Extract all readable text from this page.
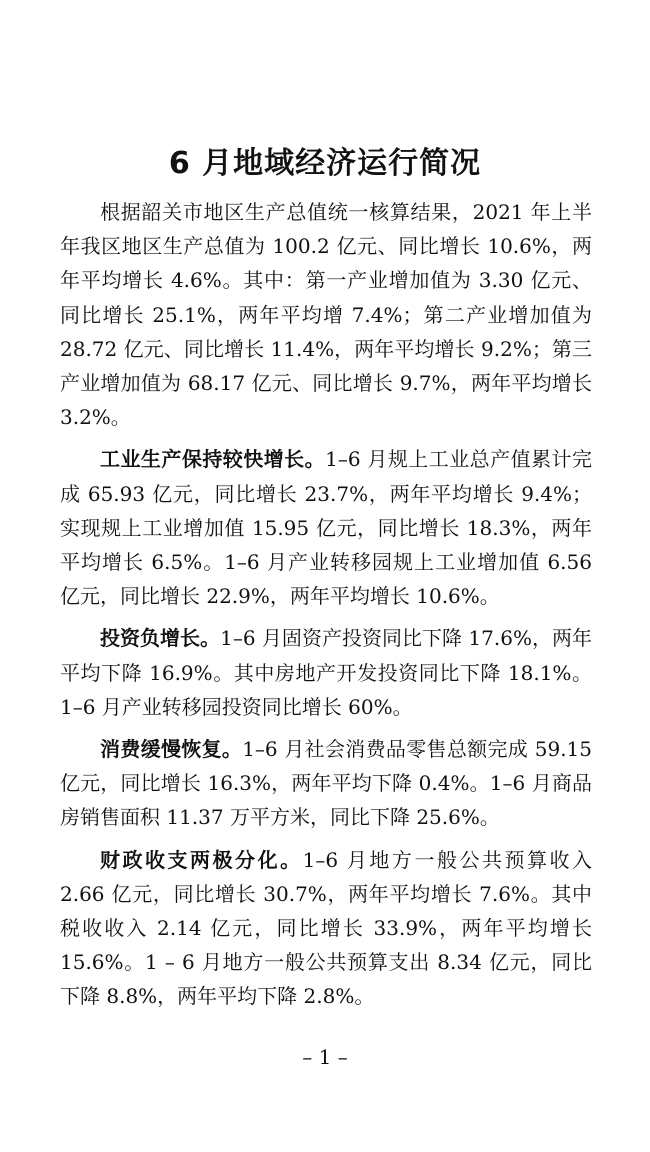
6 月地域经济运行简况

根据韶关市地区生产总值统一核算结果，2021 年上半年我区地区生产总值为 100.2 亿元、同比增长 10.6%，两年平均增长 4.6%。其中：第一产业增加值为 3.30 亿元、同比增长 25.1%，两年平均增 7.4%；第二产业增加值为 28.72 亿元、同比增长 11.4%，两年平均增长 9.2%；第三产业增加值为 68.17 亿元、同比增长 9.7%，两年平均增长 3.2%。

工业生产保持较快增长。1–6 月规上工业总产值累计完成 65.93 亿元，同比增长 23.7%，两年平均增长 9.4%；实现规上工业增加值 15.95 亿元，同比增长 18.3%，两年平均增长 6.5%。1–6 月产业转移园规上工业增加值 6.56 亿元，同比增长 22.9%，两年平均增长 10.6%。

投资负增长。1–6 月固资产投资同比下降 17.6%，两年平均下降 16.9%。其中房地产开发投资同比下降 18.1%。1–6 月产业转移园投资同比增长 60%。

消费缓慢恢复。1–6 月社会消费品零售总额完成 59.15 亿元，同比增长 16.3%，两年平均下降 0.4%。1–6 月商品房销售面积 11.37 万平方米，同比下降 25.6%。

财政收支两极分化。1–6 月地方一般公共预算收入 2.66 亿元，同比增长 30.7%，两年平均增长 7.6%。其中税收收入 2.14 亿元，同比增长 33.9%，两年平均增长 15.6%。1 – 6 月地方一般公共预算支出 8.34 亿元，同比下降 8.8%，两年平均下降 2.8%。

– 1 –
